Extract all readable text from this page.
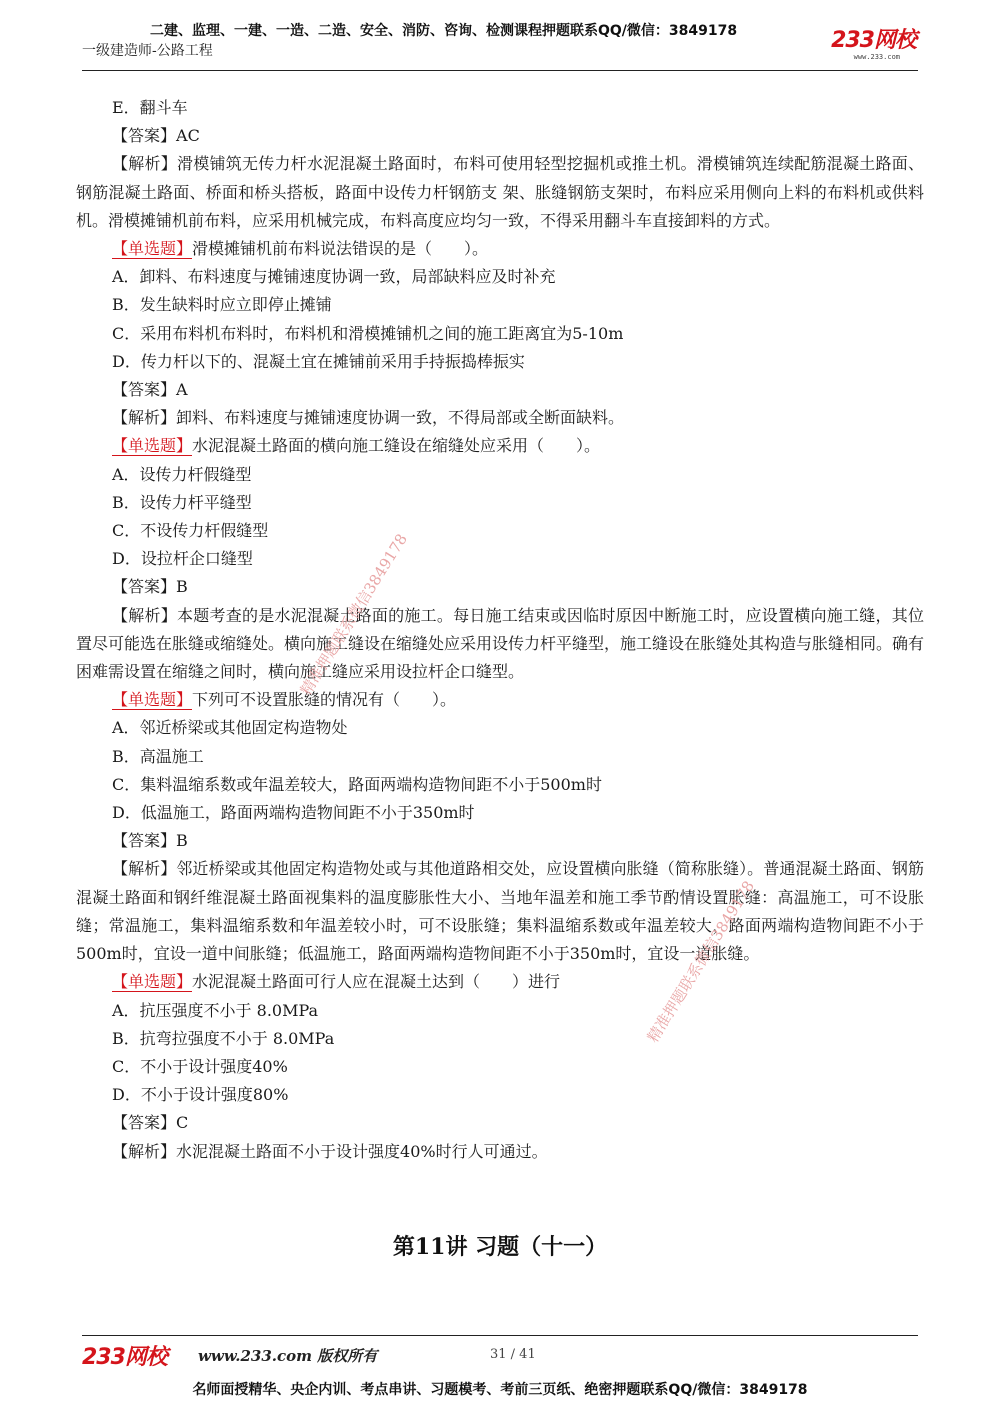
二建、监理、一建、一造、二造、安全、消防、咨询、检测课程押题联系QQ/微信：3849178
一级建造师-公路工程	233网校
www.233.com

E．翻斗车

【答案】AC

【解析】滑模铺筑无传力杆水泥混凝土路面时，布料可使用轻型挖掘机或推土机。滑模铺筑连续配筋混凝土路面、钢筋混凝土路面、桥面和桥头搭板，路面中设传力杆钢筋支 架、胀缝钢筋支架时，布料应采用侧向上料的布料机或供料机。滑模摊铺机前布料，应采用机械完成，布料高度应均匀一致，不得采用翻斗车直接卸料的方式。

【单选题】滑模摊铺机前布料说法错误的是（　　）。

A．卸料、布料速度与摊铺速度协调一致，局部缺料应及时补充

B．发生缺料时应立即停止摊铺

C．采用布料机布料时，布料机和滑模摊铺机之间的施工距离宜为5-10m

D．传力杆以下的、混凝土宜在摊铺前采用手持振捣棒振实

【答案】A

【解析】卸料、布料速度与摊铺速度协调一致，不得局部或全断面缺料。

【单选题】水泥混凝土路面的横向施工缝设在缩缝处应采用（　　）。

A．设传力杆假缝型

B．设传力杆平缝型

C．不设传力杆假缝型

D．设拉杆企口缝型

【答案】B

【解析】本题考查的是水泥混凝土路面的施工。每日施工结束或因临时原因中断施工时，应设置横向施工缝，其位置尽可能选在胀缝或缩缝处。横向施工缝设在缩缝处应采用设传力杆平缝型，施工缝设在胀缝处其构造与胀缝相同。确有困难需设置在缩缝之间时，横向施工缝应采用设拉杆企口缝型。

【单选题】下列可不设置胀缝的情况有（　　）。

A．邻近桥梁或其他固定构造物处

B．高温施工

C．集料温缩系数或年温差较大，路面两端构造物间距不小于500m时

D．低温施工，路面两端构造物间距不小于350m时

【答案】B

【解析】邻近桥梁或其他固定构造物处或与其他道路相交处，应设置横向胀缝（简称胀缝）。普通混凝土路面、钢筋混凝土路面和钢纤维混凝土路面视集料的温度膨胀性大小、当地年温差和施工季节酌情设置胀缝：高温施工，可不设胀缝；常温施工，集料温缩系数和年温差较小时，可不设胀缝；集料温缩系数或年温差较大，路面两端构造物间距不小于500m时，宜设一道中间胀缝；低温施工，路面两端构造物间距不小于350m时，宜设一道胀缝。

【单选题】水泥混凝土路面可行人应在混凝土达到（　　）进行

A．抗压强度不小于 8.0MPa

B．抗弯拉强度不小于 8.0MPa

C．不小于设计强度40%

D．不小于设计强度80%

【答案】C

【解析】水泥混凝土路面不小于设计强度40%时行人可通过。

精准押题联系微信3849178
精准押题联系微信3849178
第11讲 习题（十一）
233网校 www.233.com 版权所有	31 / 41
名师面授精华、央企内训、考点串讲、习题模考、考前三页纸、绝密押题联系QQ/微信：3849178
